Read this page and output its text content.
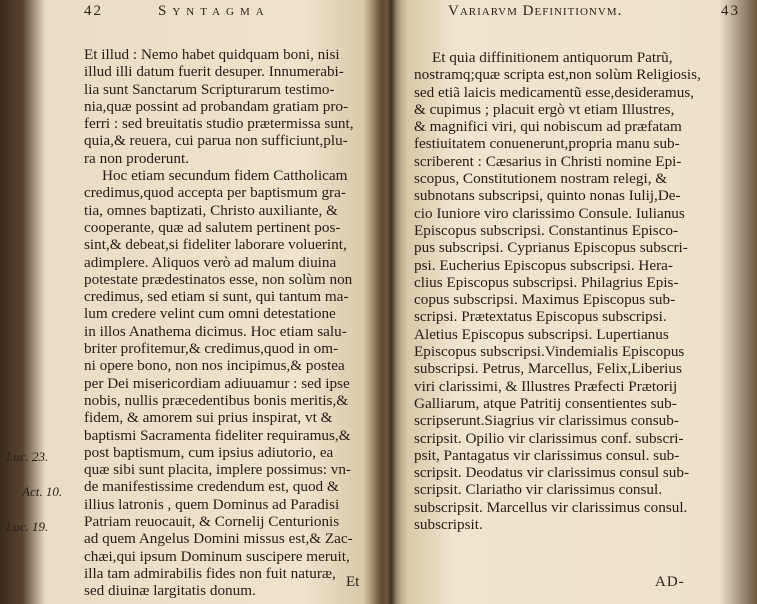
42	Syntagma
Et illud : Nemo habet quidquam boni, nisi
illud illi datum fuerit desuper. Innumerabi-
lia sunt Sanctarum Scripturarum testimo-
nia,quæ possint ad probandam gratiam pro-
ferri : sed breuitatis studio prætermissa sunt,
quia,& reuera, cui parua non sufficiunt,plu-
ra non proderunt.
Hoc etiam secundum fidem Cattholicam
credimus,quod accepta per baptismum gra-
tia, omnes baptizati, Christo auxiliante, &
cooperante, quæ ad salutem pertinent pos-
sint,& debeat,si fideliter laborare voluerint,
adimplere. Aliquos verò ad malum diuina
potestate prædestinatos esse, non solùm non
credimus, sed etiam si sunt, qui tantum ma-
lum credere velint cum omni detestatione
in illos Anathema dicimus. Hoc etiam salu-
briter profitemur,& credimus,quod in om-
ni opere bono, non nos incipimus,& postea
per Dei misericordiam adiuuamur : sed ipse
nobis, nullis præcedentibus bonis meritis,&
fidem, & amorem sui prius inspirat, vt &
baptismi Sacramenta fideliter requiramus,&
post baptismum, cum ipsius adiutorio, ea
quæ sibi sunt placita, implere possimus: vn-
de manifestissime credendum est, quod &
illius latronis , quem Dominus ad Paradisi
Patriam reuocauit, & Cornelij Centurionis
ad quem Angelus Domini missus est,& Zac-
chæi,qui ipsum Dominum suscipere meruit,
illa tam admirabilis fides non fuit naturæ,
sed diuinæ largitatis donum.
Luc. 23.
Act. 10.
Luc. 19.
Et
Variarvm Definitionvm.	43
Et quia diffinitionem antiquorum Patrũ,
nostramq;quæ scripta est,non solùm Religiosis,
sed etiã laicis medicamentũ esse,desideramus,
& cupimus ; placuit ergò vt etiam Illustres,
& magnifici viri, qui nobiscum ad præfatam
festiuitatem conuenerunt,propria manu sub-
scriberent : Cæsarius in Christi nomine Epi-
scopus, Constitutionem nostram relegi, &
subnotans subscripsi, quinto nonas Iulij,De-
cio Iuniore viro clarissimo Consule. Iulianus
Episcopus subscripsi. Constantinus Episco-
pus subscripsi. Cyprianus Episcopus subscri-
psi. Eucherius Episcopus subscripsi. Hera-
clius Episcopus subscripsi. Philagrius Epis-
copus subscripsi. Maximus Episcopus sub-
scripsi. Prætextatus Episcopus subscripsi.
Aletius Episcopus subscripsi. Lupertianus
Episcopus subscripsi.Vindemialis Episcopus
subscripsi. Petrus, Marcellus, Felix,Liberius
viri clarissimi, & Illustres Præfecti Prætorij
Galliarum, atque Patritij consentientes sub-
scripserunt.Siagrius vir clarissimus consub-
scripsit. Opilio vir clarissimus conf. subscri-
psit, Pantagatus vir clarissimus consul. sub-
scripsit. Deodatus vir clarissimus consul sub-
scripsit. Clariatho vir clarissimus consul.
subscripsit. Marcellus vir clarissimus consul.
subscripsit.
AD-
